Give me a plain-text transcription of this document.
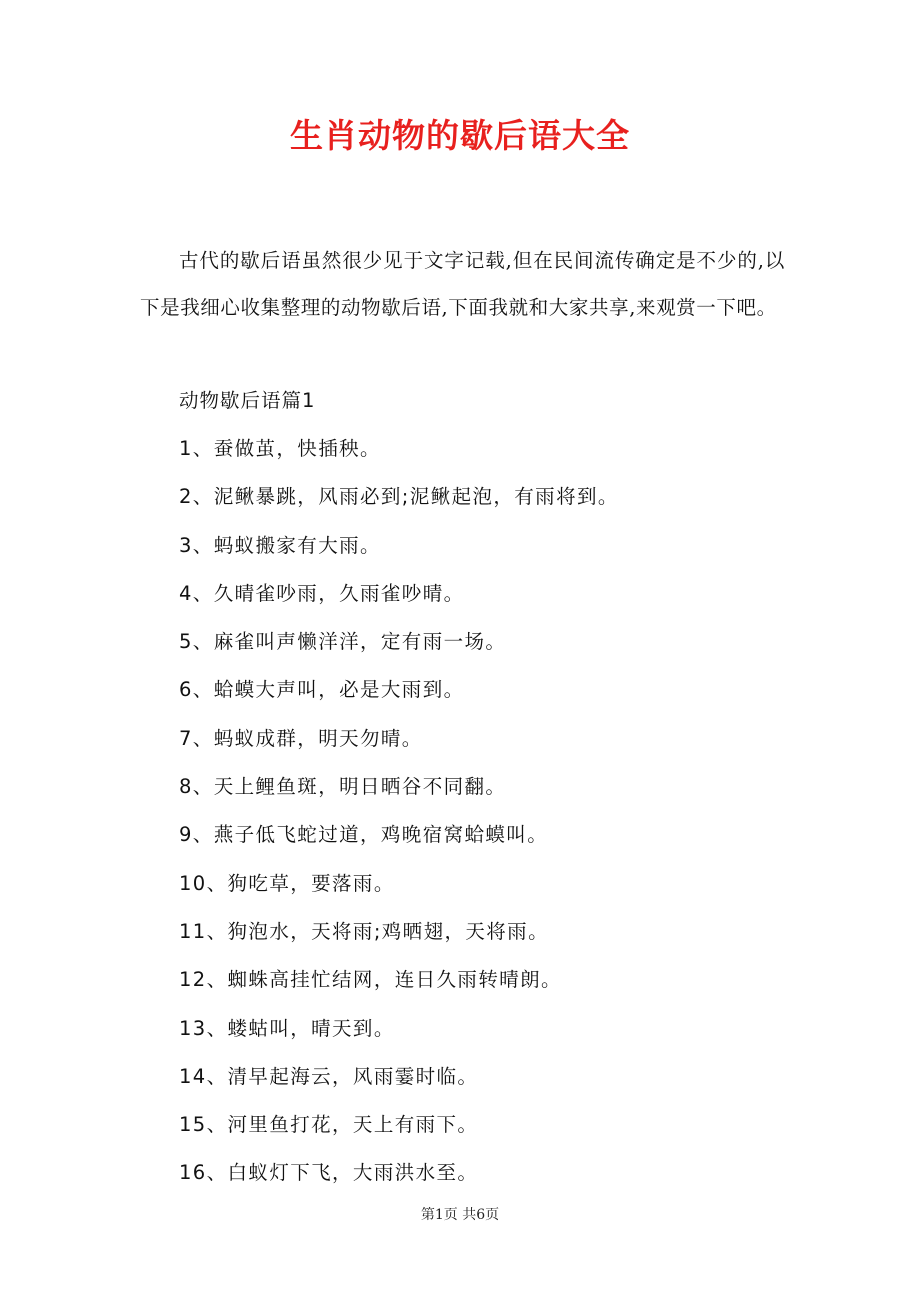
生肖动物的歇后语大全
古代的歇后语虽然很少见于文字记载,但在民间流传确定是不少的,以下是我细心收集整理的动物歇后语,下面我就和大家共享,来观赏一下吧。
动物歇后语篇1
1、蚕做茧，快插秧。
2、泥鳅暴跳，风雨必到;泥鳅起泡，有雨将到。
3、蚂蚁搬家有大雨。
4、久晴雀吵雨，久雨雀吵晴。
5、麻雀叫声懒洋洋，定有雨一场。
6、蛤蟆大声叫，必是大雨到。
7、蚂蚁成群，明天勿晴。
8、天上鲤鱼斑，明日晒谷不同翻。
9、燕子低飞蛇过道，鸡晚宿窝蛤蟆叫。
10、狗吃草，要落雨。
11、狗泡水，天将雨;鸡晒翅，天将雨。
12、蜘蛛高挂忙结网，连日久雨转晴朗。
13、蝼蛄叫，晴天到。
14、清早起海云，风雨霎时临。
15、河里鱼打花，天上有雨下。
16、白蚁灯下飞，大雨洪水至。
第1页 共6页
